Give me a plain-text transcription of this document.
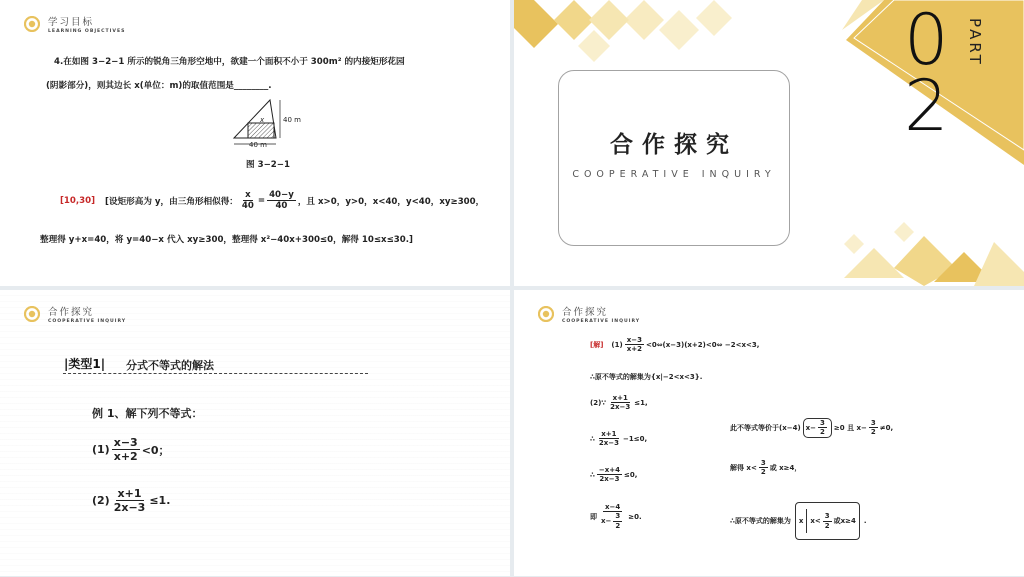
学习目标
LEARNING OBJECTIVES
4.在如图 3−2−1 所示的锐角三角形空地中，欲建一个面积不小于 300m² 的内接矩形花园
(阴影部分)，则其边长 x(单位：m)的取值范围是________.
x	40 m
40 m
图 3−2−1
[10,30] [设矩形高为 y，由三角形相似得： $\frac{x}{40} = \frac{40-y}{40}$ ，且 x>0，y>0，x<40，y<40，xy≥300，
整理得 y+x=40，将 y=40−x 代入 xy≥300，整理得 x²−40x+300≤0，解得 10≤x≤30.]
0
2
PART
合作探究
COOPERATIVE INQUIRY
合作探究
COOPERATIVE INQUIRY
|类型1| 分式不等式的解法
例 1、解下列不等式：
$(1) \frac{x-3}{x+2} <0$；
$(2) \frac{x+1}{2x-3} \le 1$.
合作探究
COOPERATIVE INQUIRY
[解] $(1) \frac{x-3}{x+2}$ <0⇔(x−3)(x+2)<0⇔ −2<x<3,
∴原不等式的解集为{x|−2<x<3}.
(2)∵ $\frac{x+1}{2x-3} \le 1$,
∴ $\frac{x+1}{2x-3} -1\le 0$,
∴ $\frac{-x+4}{2x-3} \le 0$,
即 $\frac{x-4}{x- \frac{3}{2}} \ge 0$.
此不等式等价于(x−4) $x- \frac{3}{2} \ge 0$ 且 $x- \frac{3}{2} \ne 0$,
解得 $x< \frac{3}{2}$ 或 x≥4，
∴原不等式的解集为 x $x< \frac{3}{2}$ 或x≥4 .
